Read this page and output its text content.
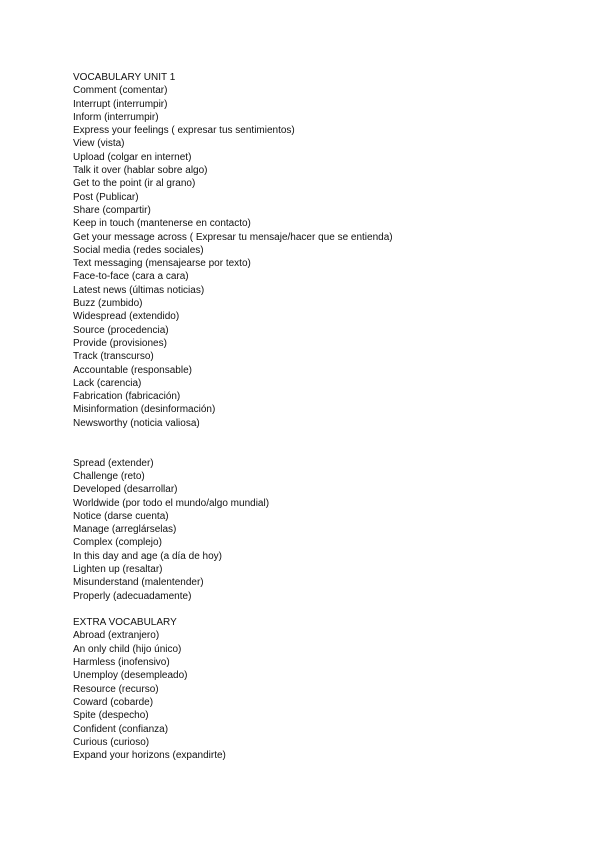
VOCABULARY UNIT 1
Comment (comentar)
Interrupt (interrumpir)
Inform (interrumpir)
Express your feelings ( expresar tus sentimientos)
View (vista)
Upload (colgar en internet)
Talk it over (hablar sobre algo)
Get to the point (ir al grano)
Post (Publicar)
Share (compartir)
Keep in touch (mantenerse en contacto)
Get your message across ( Expresar tu mensaje/hacer que se entienda)
Social media (redes sociales)
Text messaging (mensajearse por texto)
Face-to-face (cara a cara)
Latest news (últimas noticias)
Buzz (zumbido)
Widespread (extendido)
Source (procedencia)
Provide (provisiones)
Track (transcurso)
Accountable (responsable)
Lack (carencia)
Fabrication (fabricación)
Misinformation (desinformación)
Newsworthy (noticia valiosa)
Spread (extender)
Challenge (reto)
Developed (desarrollar)
Worldwide (por todo el mundo/algo mundial)
Notice (darse cuenta)
Manage (arreglárselas)
Complex (complejo)
In this day and age (a día de hoy)
Lighten up (resaltar)
Misunderstand (malentender)
Properly (adecuadamente)
EXTRA VOCABULARY
Abroad (extranjero)
An only child (hijo único)
Harmless (inofensivo)
Unemploy (desempleado)
Resource (recurso)
Coward (cobarde)
Spite (despecho)
Confident (confianza)
Curious (curioso)
Expand your horizons (expandirte)
